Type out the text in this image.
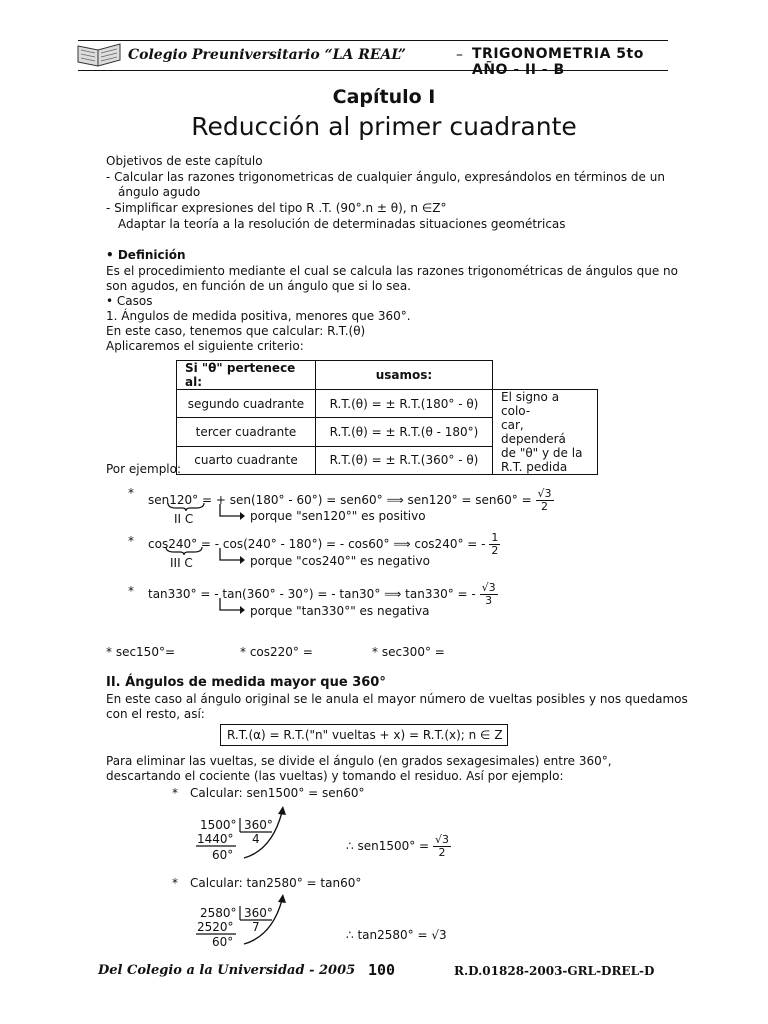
Colegio Preuniversitario “LA REAL”	– TRIGONOMETRIA 5to AÑO - II - B
Capítulo I
Reducción al primer cuadrante
Objetivos de este capítulo
- Calcular las razones trigonometricas de cualquier ángulo, expresándolos en términos de un
ángulo agudo
- Simplificar expresiones del tipo R .T. (90°.n ± θ), n ∈Z°
Adaptar la teoría a la resolución de determinadas situaciones geométricas
• Definición
Es el procedimiento mediante el cual se calcula las razones trigonométricas de ángulos que no
son agudos, en función de un ángulo que si lo sea.
• Casos
1. Ángulos de medida positiva, menores que 360°.
En este caso, tenemos que calcular: R.T.(θ)
Aplicaremos el siguiente criterio:
Si "θ" pertenece al:	usamos:	
segundo cuadrante	R.T.(θ) = ± R.T.(180° - θ)	El signo a colo-
car, dependerá
de "θ" y de la
R.T. pedida

tercer cuadrante	R.T.(θ) = ± R.T.(θ - 180°)	
cuarto cuadrante	R.T.(θ) = ± R.T.(360° - θ)	
Por ejemplo:
* sen120° = + sen(180° - 60°) = sen60° ⟹ $sen120^\circ = sen60^\circ = \frac{√3}{2}$
II C	porque "sen120°" es positivo
* cos240° = - cos(240° - 180°) = - cos60° ⟹ cos240° = - $\frac{1}{2}$
III C	porque "cos240°" es negativo
* tan330° = - tan(360° - 30°) = - tan30° ⟹ tan330° = - $\frac{√3}{3}$
porque "tan330°" es negativa
* sec150°=	* cos220° =	* sec300° =
II. Ángulos de medida mayor que 360°
En este caso al ángulo original se le anula el mayor número de vueltas posibles y nos quedamos
con el resto, así:
R.T.(α) = R.T.("n" vueltas + x) = R.T.(x); n ∈ Z
Para eliminar las vueltas, se divide el ángulo (en grados sexagesimales) entre 360°,
descartando el cociente (las vueltas) y tomando el residuo. Así por ejemplo:
* Calcular: sen1500° = sen60°
1500° 360°
1440° 4
60°
∴ $sen1500^\circ = \frac{√3}{2}$
* Calcular: tan2580° = tan60°
2580° 360°
2520° 7
60°	∴ tan2580° = √3
Del Colegio a la Universidad - 2005 100	R.D.01828-2003-GRL-DREL-D
